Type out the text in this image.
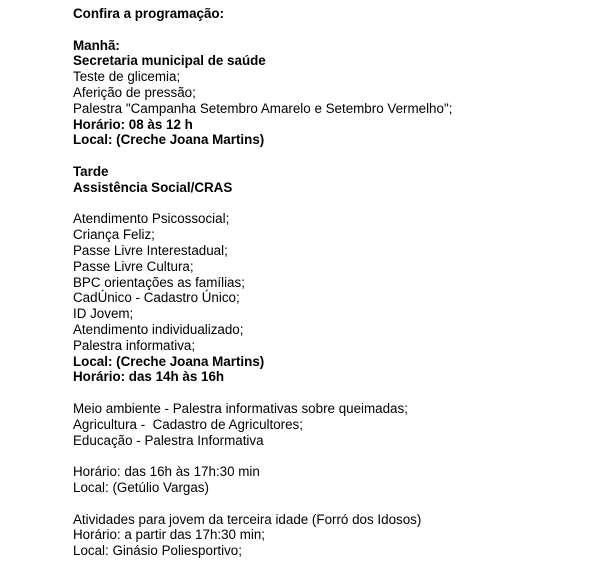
Confira a programação:
Manhã:
Secretaria municipal de saúde
Teste de glicemia;
Aferição de pressão;
Palestra "Campanha Setembro Amarelo e Setembro Vermelho";
Horário: 08 às 12 h
Local: (Creche Joana Martins)
Tarde
Assistência Social/CRAS
Atendimento Psicossocial;
Criança Feliz;
Passe Livre Interestadual;
Passe Livre Cultura;
BPC orientações as famílias;
CadÚnico - Cadastro Único;
ID Jovem;
Atendimento individualizado;
Palestra informativa;
Local: (Creche Joana Martins)
Horário: das 14h às 16h
Meio ambiente - Palestra informativas sobre queimadas;
Agricultura -  Cadastro de Agricultores;
Educação - Palestra Informativa
Horário: das 16h às 17h:30 min
Local: (Getúlio Vargas)
Atividades para jovem da terceira idade (Forró dos Idosos)
Horário: a partir das 17h:30 min;
Local: Ginásio Poliesportivo;
